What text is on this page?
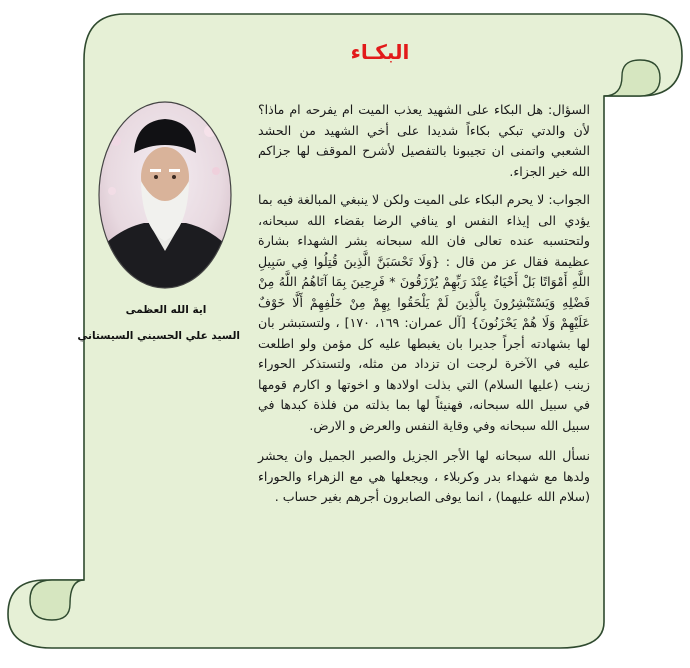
البكـاء
اية الله العظمى
السيد علي الحسيني السيستاني

السؤال: هل البكاء على الشهيد يعذب الميت ام يفرحه ام ماذا؟ لأن والدتي تبكي بكاءاً شديدا على أخي الشهيد من الحشد الشعبي واتمنى ان تجيبونا بالتفصيل لأشرح الموقف لها جزاكم الله خير الجزاء.

الجواب: لا يحرم البكاء على الميت ولكن لا ينبغي المبالغة فيه بما يؤدي الى إيذاء النفس او ينافي الرضا بقضاء الله سبحانه، ولتحتسبه عنده تعالى فان الله سبحانه بشر الشهداء بشارة عظيمة فقال عز من قال : {وَلَا تَحْسَبَنَّ الَّذِينَ قُتِلُوا فِي سَبِيلِ اللَّهِ أَمْوَاتًا بَلْ أَحْيَاءٌ عِنْدَ رَبِّهِمْ يُرْزَقُونَ * فَرِحِينَ بِمَا آتَاهُمُ اللَّهُ مِنْ فَضْلِهِ وَيَسْتَبْشِرُونَ بِالَّذِينَ لَمْ يَلْحَقُوا بِهِمْ مِنْ خَلْفِهِمْ أَلَّا خَوْفٌ عَلَيْهِمْ وَلَا هُمْ يَحْزَنُونَ} [آل عمران: ١٦٩، ١٧٠] ، ولتستبشر بان لها بشهادته أجراً جديرا بان يغبطها عليه كل مؤمن ولو اطلعت عليه في الآخرة لرجت ان تزداد من مثله، ولتستذكر الحوراء زينب (عليها السلام) التي بذلت اولادها و اخوتها و اكارم قومها في سبيل الله سبحانه، فهنيئاً لها بما بذلته من فلذة كبدها في سبيل الله سبحانه وفي وقاية النفس والعرض و الارض.

نسأل الله سبحانه لها الأجر الجزيل والصبر الجميل وان يحشر ولدها مع شهداء بدر وكربلاء ، ويجعلها هي مع الزهراء والحوراء (سلام الله عليهما) ، انما يوفى الصابرون أجرهم بغير حساب .
